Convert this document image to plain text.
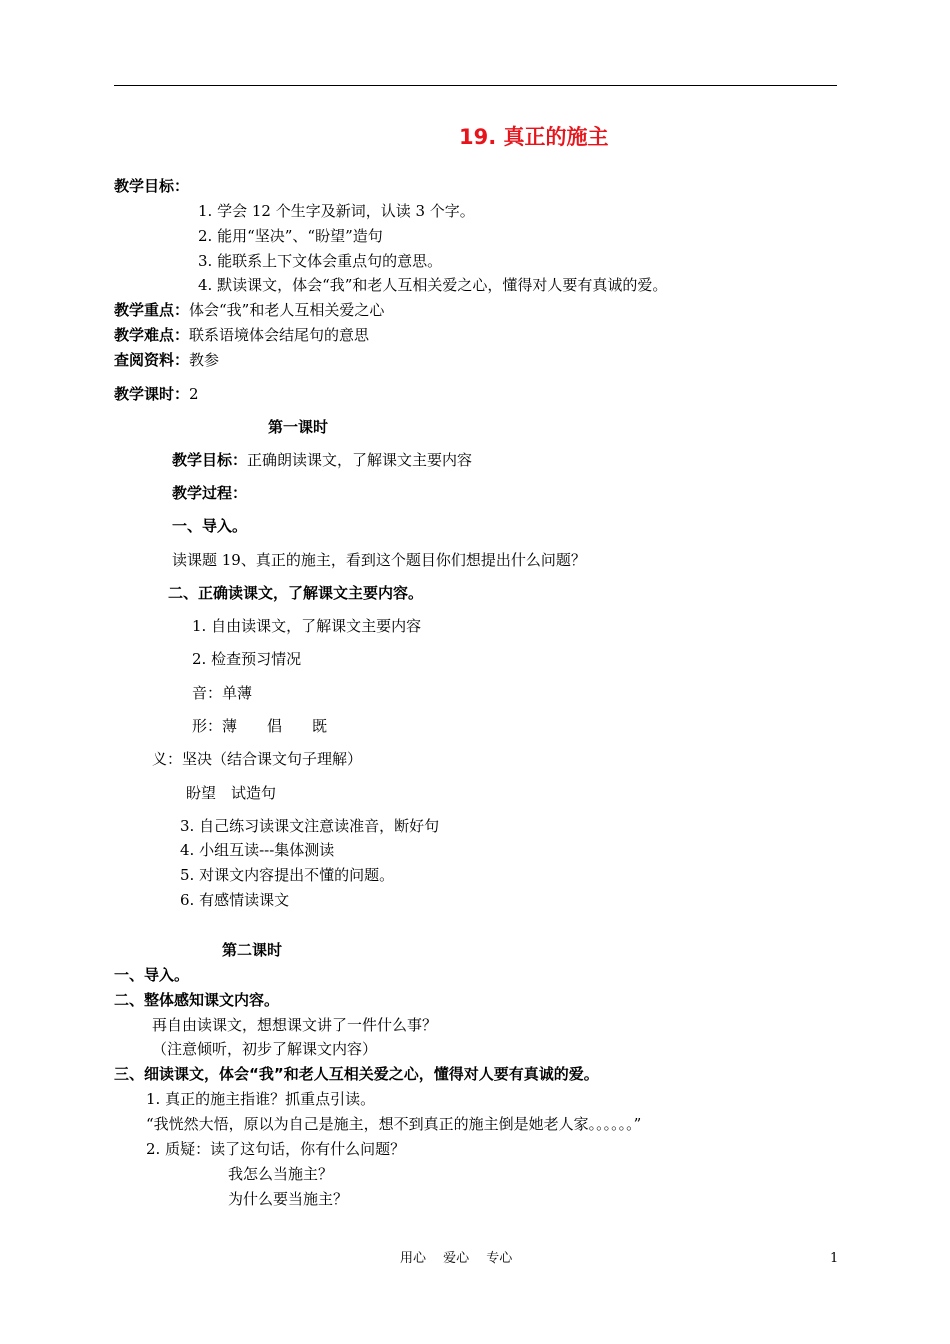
19. 真正的施主
教学目标：
1. 学会 12 个生字及新词，认读 3 个字。
2. 能用“坚决”、“盼望”造句
3. 能联系上下文体会重点句的意思。
4. 默读课文，体会“我”和老人互相关爱之心，懂得对人要有真诚的爱。
教学重点：体会“我”和老人互相关爱之心
教学难点：联系语境体会结尾句的意思
查阅资料：教参
教学课时：2
第一课时
教学目标：正确朗读课文，了解课文主要内容
教学过程：
一、导入。
读课题 19、真正的施主，看到这个题目你们想提出什么问题？
二、正确读课文，了解课文主要内容。
1. 自由读课文，了解课文主要内容
2. 检查预习情况
音：单薄
形：薄　　倡　　既
义：坚决（结合课文句子理解）
盼望　试造句
3. 自己练习读课文注意读准音，断好句
4. 小组互读---集体测读
5. 对课文内容提出不懂的问题。
6. 有感情读课文
第二课时
一、导入。
二、整体感知课文内容。
再自由读课文，想想课文讲了一件什么事？
（注意倾听，初步了解课文内容）
三、细读课文，体会“我”和老人互相关爱之心，懂得对人要有真诚的爱。
1. 真正的施主指谁？抓重点引读。
“我恍然大悟，原以为自己是施主，想不到真正的施主倒是她老人家。。。。。。”
2. 质疑：读了这句话，你有什么问题？
我怎么当施主？
为什么要当施主？
用心　 爱心　 专心	1
